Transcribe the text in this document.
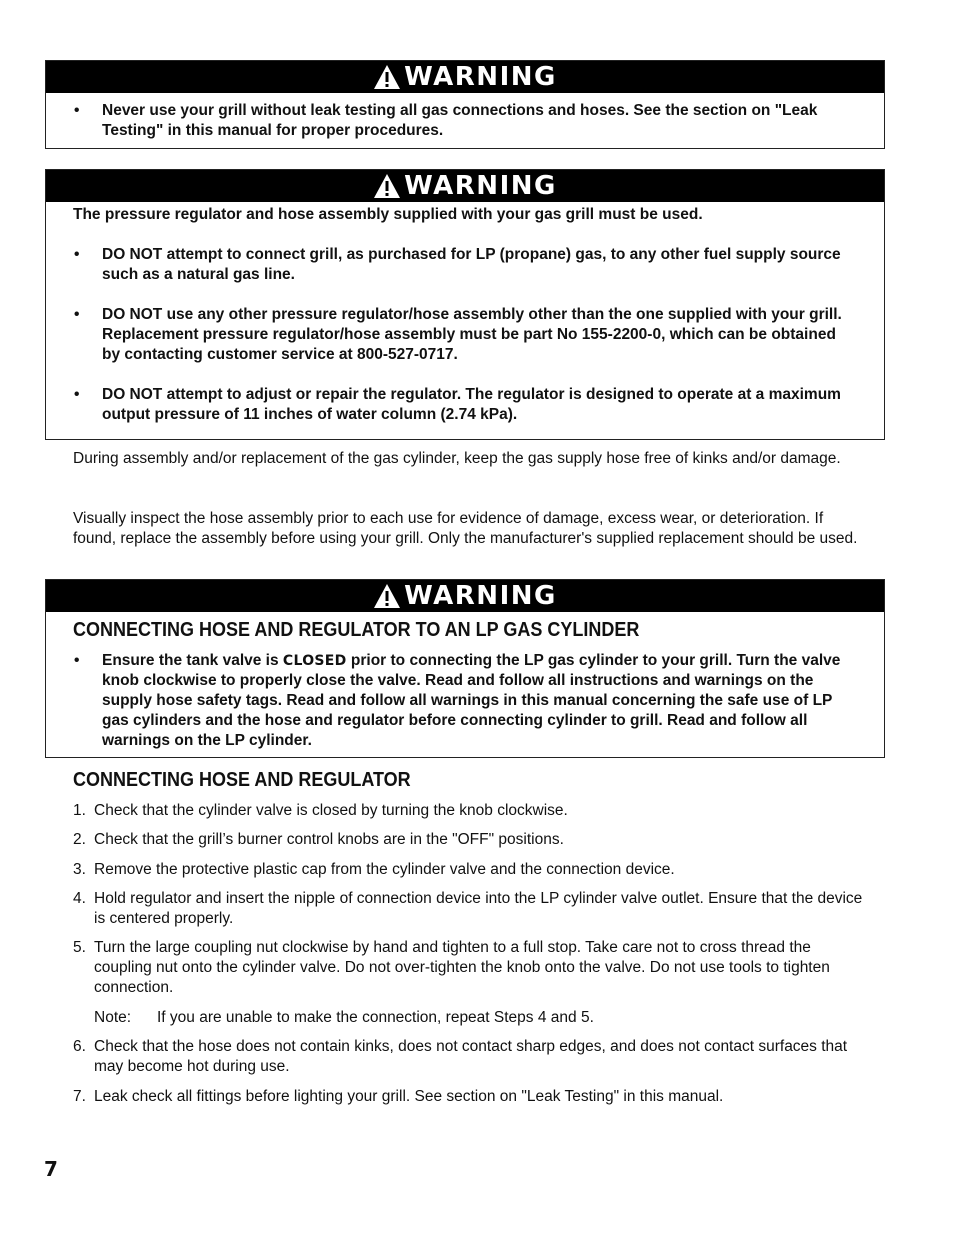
WARNING
•	Never use your grill without leak testing all gas connections and hoses. See the section on "Leak Testing" in this manual for proper procedures.
WARNING
The pressure regulator and hose assembly supplied with your gas grill must be used.
•	DO NOT attempt to connect grill, as purchased for LP (propane) gas, to any other fuel supply source such as a natural gas line.
•	DO NOT use any other pressure regulator/hose assembly other than the one supplied with your grill. Replacement pressure regulator/hose assembly must be part No 155-2200-0, which can be obtained by contacting customer service at 800-527-0717.
•	DO NOT attempt to adjust or repair the regulator. The regulator is designed to operate at a maximum output pressure of 11 inches of water column (2.74 kPa).
During assembly and/or replacement of the gas cylinder, keep the gas supply hose free of kinks and/or damage.
Visually inspect the hose assembly prior to each use for evidence of damage, excess wear, or deterioration. If found, replace the assembly before using your grill. Only the manufacturer's supplied replacement should be used.
WARNING
CONNECTING HOSE AND REGULATOR TO AN LP GAS CYLINDER
•	Ensure the tank valve is CLOSED prior to connecting the LP gas cylinder to your grill. Turn the valve knob clockwise to properly close the valve. Read and follow all instructions and warnings on the supply hose safety tags. Read and follow all warnings in this manual concerning the safe use of LP gas cylinders and the hose and regulator before connecting cylinder to grill. Read and follow all warnings on the LP cylinder.
CONNECTING HOSE AND REGULATOR
1. Check that the cylinder valve is closed by turning the knob clockwise.
2. Check that the grill’s burner control knobs are in the "OFF" positions.
3. Remove the protective plastic cap from the cylinder valve and the connection device.
4. Hold regulator and insert the nipple of connection device into the LP cylinder valve outlet. Ensure that the device is centered properly.
5. Turn the large coupling nut clockwise by hand and tighten to a full stop. Take care not to cross thread the coupling nut onto the cylinder valve. Do not over-tighten the knob onto the valve. Do not use tools to tighten connection.
Note:	If you are unable to make the connection, repeat Steps 4 and 5.
6. Check that the hose does not contain kinks, does not contact sharp edges, and does not contact surfaces that may become hot during use.
7. Leak check all fittings before lighting your grill. See section on "Leak Testing" in this manual.
7
